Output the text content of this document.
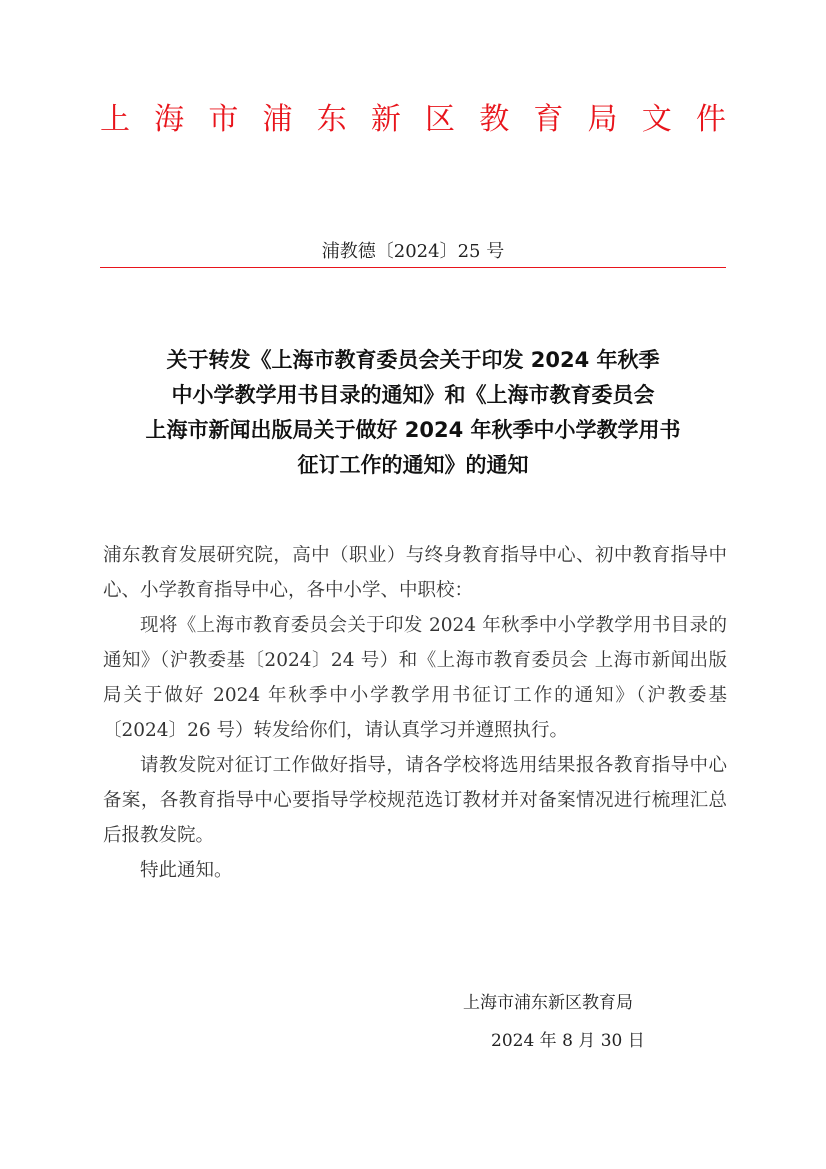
上 海 市 浦 东 新 区 教 育 局 文 件
浦教德〔2024〕25 号
关于转发《上海市教育委员会关于印发 2024 年秋季
中小学教学用书目录的通知》和《上海市教育委员会
上海市新闻出版局关于做好 2024 年秋季中小学教学用书
征订工作的通知》的通知

浦东教育发展研究院，高中（职业）与终身教育指导中心、初中教育指导中心、小学教育指导中心，各中小学、中职校：

现将《上海市教育委员会关于印发 2024 年秋季中小学教学用书目录的通知》（沪教委基〔2024〕24 号）和《上海市教育委员会 上海市新闻出版局关于做好 2024 年秋季中小学教学用书征订工作的通知》（沪教委基〔2024〕26 号）转发给你们，请认真学习并遵照执行。

请教发院对征订工作做好指导，请各学校将选用结果报各教育指导中心备案，各教育指导中心要指导学校规范选订教材并对备案情况进行梳理汇总后报教发院。

特此通知。

上海市浦东新区教育局
2024 年 8 月 30 日
